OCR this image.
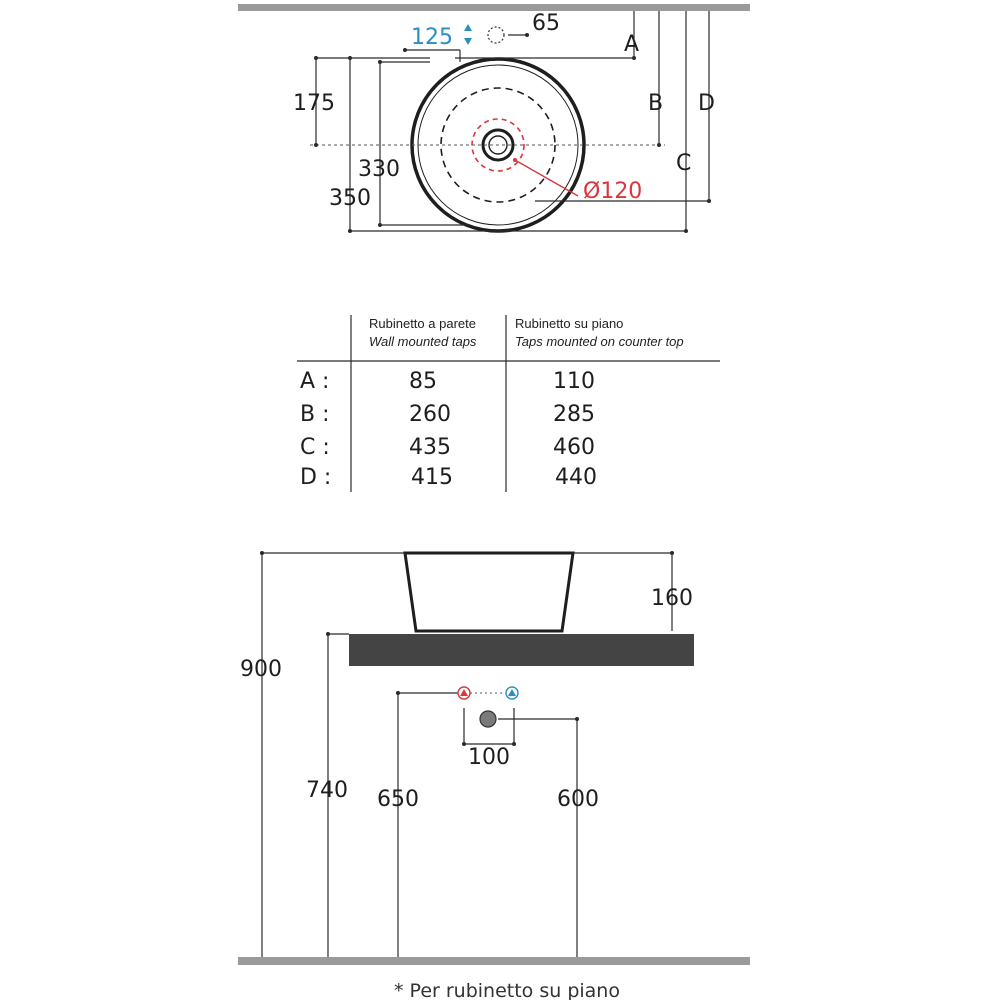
125
65
A
B
C
D
175
330
350	Ø120
Rubinetto a parete
Wall mounted taps
Rubinetto su piano
Taps mounted on counter top
A :	85	110
B :	260	285
C :	435	460
D :	415	440
160
900
740 650	600
100
* Per rubinetto su piano
